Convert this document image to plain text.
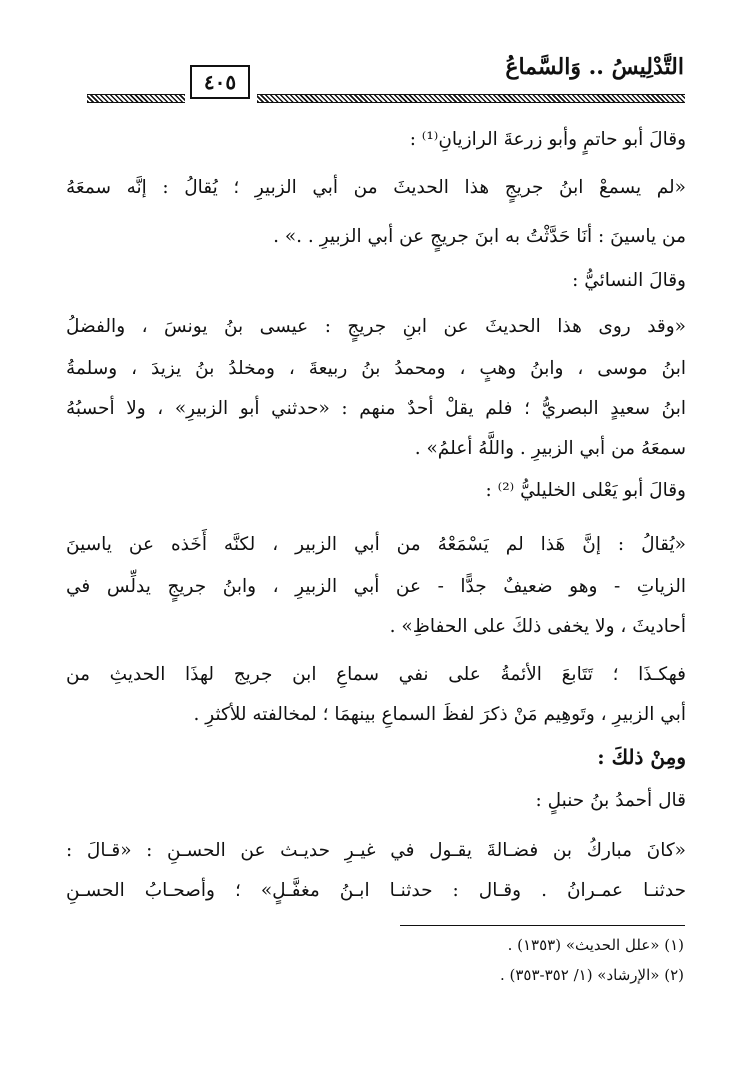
التَّدْلِيسُ .. وَالسَّماعُ
٤٠٥
وقالَ أبو حاتمٍ وأبو زرعةَ الرازيانِ⁽¹⁾ :
«لم يسمعْ ابنُ جريجٍ هذا الحديثَ من أبي الزبيرِ ؛ يُقالُ : إنَّه سمعَهُ
من ياسينَ : أنَا حَدَّثْتُ به ابنَ جريجٍ عن أبي الزبيرِ . .» .
وقالَ النسائيُّ :
«وقد روى هذا الحديثَ عن ابنِ جريجٍ : عيسى بنُ يونسَ ، والفضلُ
ابنُ موسى ، وابنُ وهبٍ ، ومحمدُ بنُ ربيعةَ ، ومخلدُ بنُ يزيدَ ، وسلمةُ
ابنُ سعيدٍ البصريُّ ؛ فلم يقلْ أحدٌ منهم : «حدثني أبو الزبيرِ» ، ولا أحسبُهُ
سمعَهُ من أبي الزبيرِ . واللَّهُ أعلمُ» .
وقالَ أبو يَعْلى الخليليُّ ⁽²⁾ :
«يُقالُ : إنَّ هَذا لم يَسْمَعْهُ من أبي الزبير ، لكنَّه أَخَذه عن ياسينَ
الزياتِ - وهو ضعيفٌ جدًّا - عن أبي الزبيرِ ، وابنُ جريجٍ يدلِّس في
أحاديثَ ، ولا يخفى ذلكَ على الحفاظِ» .
فهكـذَا ؛ تَتَابعَ الأئمةُ على نفي سماعِ ابن جريج لهذَا الحديثِ من
أبي الزبيرِ ، وتَوهِيم مَنْ ذكرَ لفظَ السماعِ بينهمَا ؛ لمخالفته للأكثرِ .
ومِنْ ذلكَ :
قال أحمدُ بنُ حنبلٍ :
«كانَ مباركُ بن فضـالةَ يقـول في غيـرِ حديـث عن الحسـنِ : «قـالَ :
حدثنـا عمـرانُ . وقـال : حدثنـا ابـنُ مغفَّـلٍ» ؛ وأصحـابُ الحسـنِ
(١) «علل الحديث» (١٣٥٣) .
(٢) «الإرشاد» (١/ ٣٥٢-٣٥٣) .
